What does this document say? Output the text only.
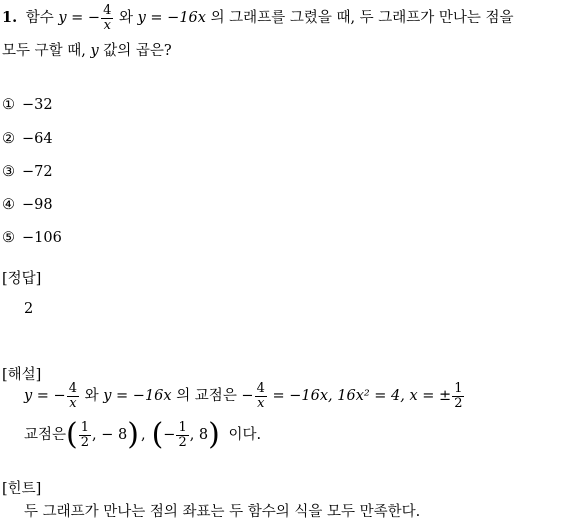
1. 함수 y = − $\frac{4}{x}$ 와 y = −16x 의 그래프를 그렸을 때, 두 그래프가 만나는 점을
모두 구할 때, y 값의 곱은?
① −32
② −64
③ −72
④ −98
⑤ −106
[정답]
2
[해설]
y = − $\frac{4}{x}$ 와 y = −16x 의 교점은 − $\frac{4}{x} = -16x$, 16x² = 4, x = ± $\frac{1}{2}$
교점은( $\frac{1}{2}$ , − 8) , (− $\frac{1}{2}$ , 8) 이다.
[힌트]
두 그래프가 만나는 점의 좌표는 두 함수의 식을 모두 만족한다.
